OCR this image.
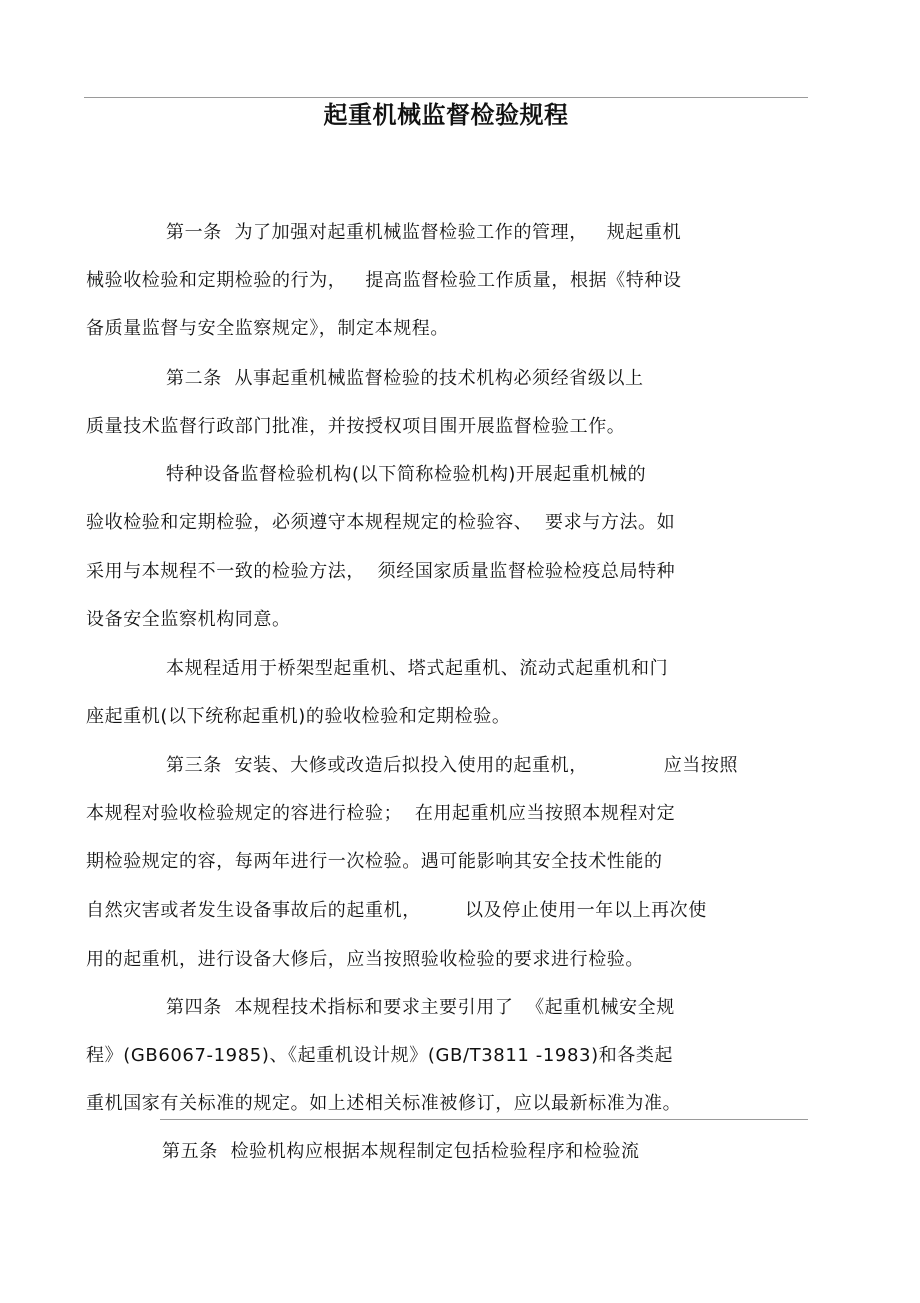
起重机械监督检验规程
第一条  为了加强对起重机械监督检验工作的管理，   规起重机
械验收检验和定期检验的行为，   提高监督检验工作质量，根据《特种设
备质量监督与安全监察规定》，制定本规程。
第二条  从事起重机械监督检验的技术机构必须经省级以上
质量技术监督行政部门批准，并按授权项目围开展监督检验工作。
特种设备监督检验机构(以下简称检验机构)开展起重机械的
验收检验和定期检验，必须遵守本规程规定的检验容、  要求与方法。如
采用与本规程不一致的检验方法，  须经国家质量监督检验检疫总局特种
设备安全监察机构同意。
本规程适用于桥架型起重机、塔式起重机、流动式起重机和门
座起重机(以下统称起重机)的验收检验和定期检验。
第三条  安装、大修或改造后拟投入使用的起重机，            应当按照
本规程对验收检验规定的容进行检验；  在用起重机应当按照本规程对定
期检验规定的容，每两年进行一次检验。遇可能影响其安全技术性能的
自然灾害或者发生设备事故后的起重机，       以及停止使用一年以上再次使
用的起重机，进行设备大修后，应当按照验收检验的要求进行检验。
第四条  本规程技术指标和要求主要引用了  《起重机械安全规
程》(GB6067-1985)、《起重机设计规》(GB/T3811 -1983)和各类起
重机国家有关标准的规定。如上述相关标准被修订，应以最新标准为准。
第五条  检验机构应根据本规程制定包括检验程序和检验流
